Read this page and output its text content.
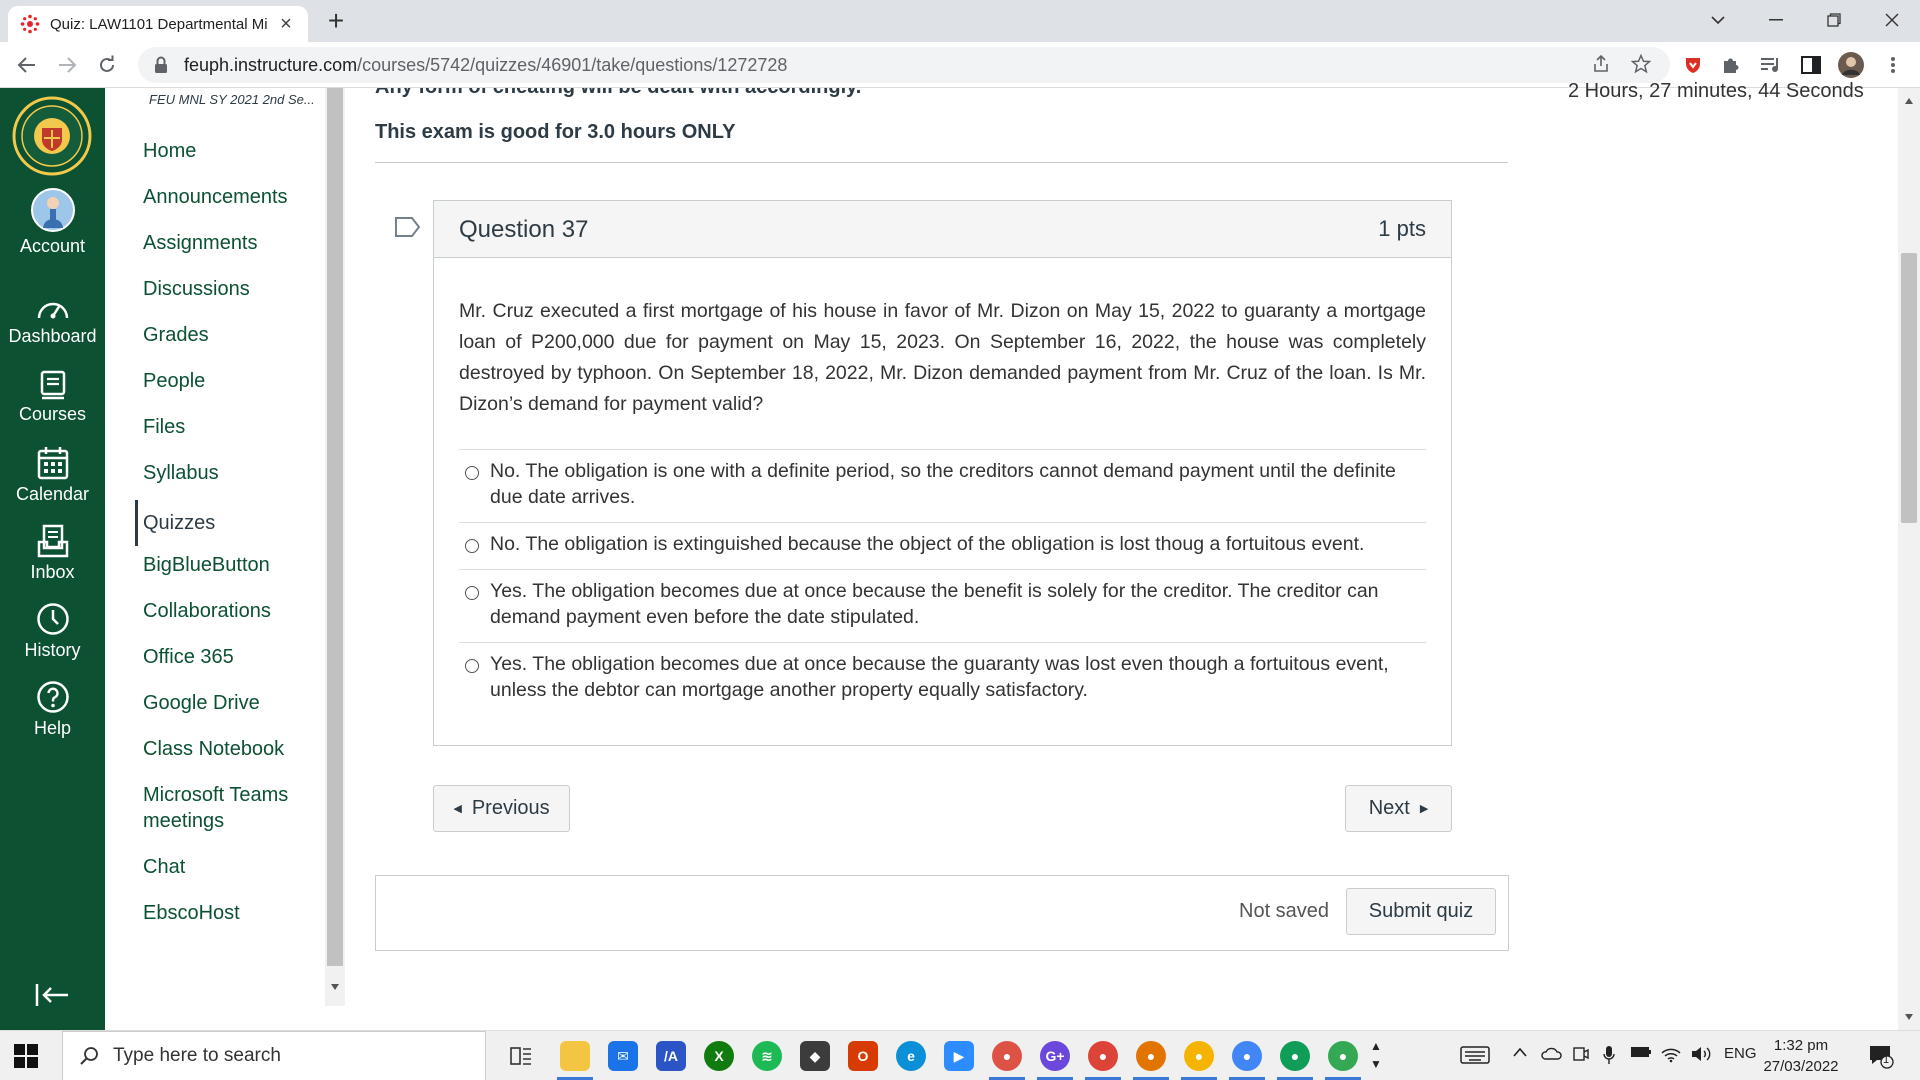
Quiz: LAW1101 Departmental Mi × +
feuph.instructure.com/courses/5742/quizzes/46901/take/questions/1272728
Account
Dashboard
Courses
Calendar
Inbox
History
Help
FEU MNL SY 2021 2nd Se...
Home
Announcements
Assignments
Discussions
Grades
People
Files
Syllabus
Quizzes
BigBlueButton
Collaborations
Office 365
Google Drive
Class Notebook
Microsoft Teams meetings
Chat
EbscoHost
2 Hours, 27 minutes, 44 Seconds
This exam is good for 3.0 hours ONLY
Question 37	1 pts
Mr. Cruz executed a first mortgage of his house in favor of Mr. Dizon on May 15, 2022 to guaranty a mortgage loan of P200,000 due for payment on May 15, 2023. On September 16, 2022, the house was completely destroyed by typhoon. On September 18, 2022, Mr. Dizon demanded payment from Mr. Cruz of the loan. Is Mr. Dizon’s demand for payment valid?
No. The obligation is one with a definite period, so the creditors cannot demand payment until the definite due date arrives.
No. The obligation is extinguished because the object of the obligation is lost thoug a fortuitous event.
Yes. The obligation becomes due at once because the benefit is solely for the creditor. The creditor can demand payment even before the date stipulated.
Yes. The obligation becomes due at once because the guaranty was lost even though a fortuitous event, unless the debtor can mortgage another property equally satisfactory.
◀ Previous	Next ▶
Not saved Submit quiz
Type here to search	✉	/A	X	≋	◆	O	e	▶	●	G+	●	●	●	●	●	●
▲
▼
ENG	1:32 pm
27/03/2022	1
